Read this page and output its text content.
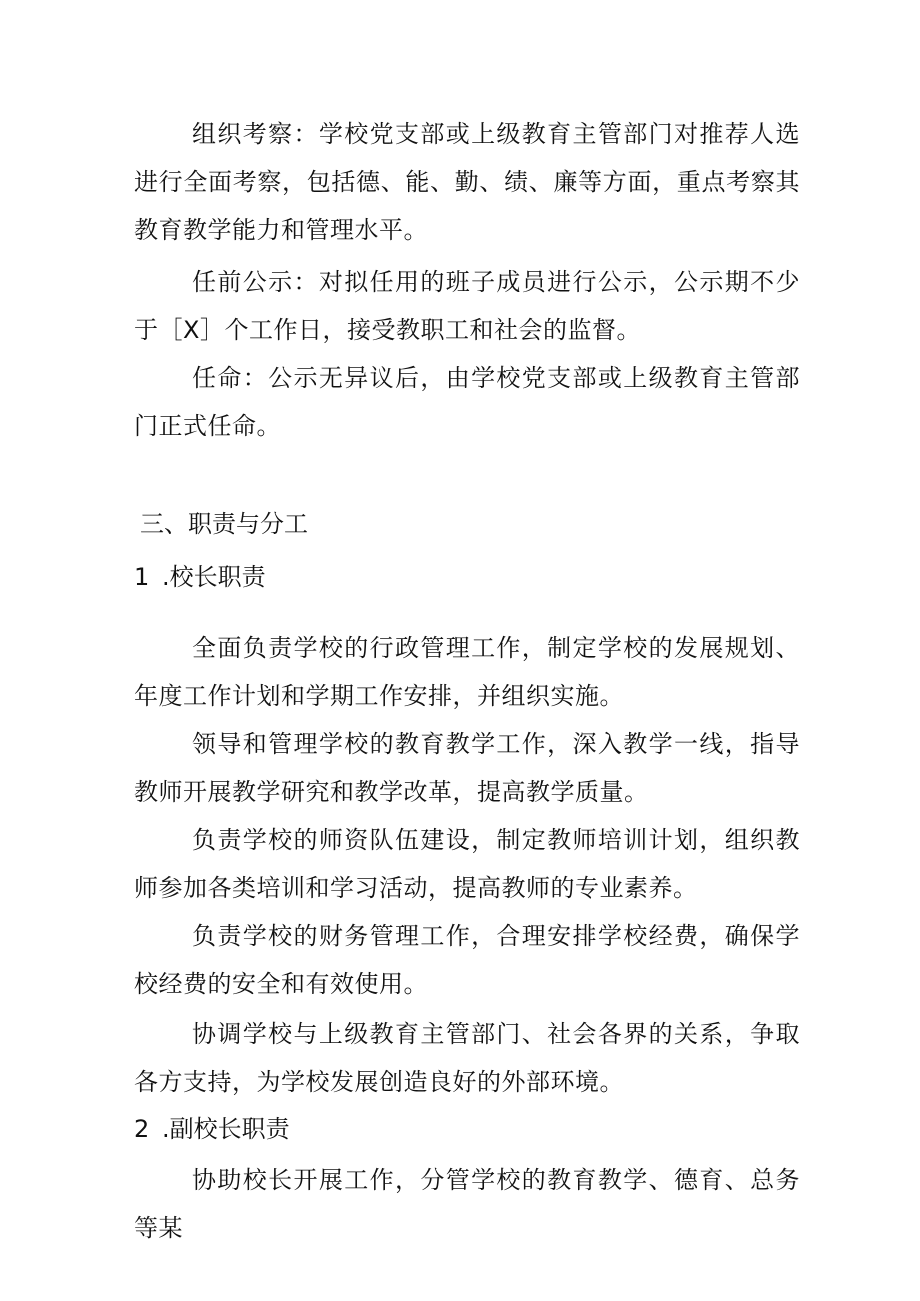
组织考察：学校党支部或上级教育主管部门对推荐人选进行全面考察，包括德、能、勤、绩、廉等方面，重点考察其教育教学能力和管理水平。

任前公示：对拟任用的班子成员进行公示，公示期不少于［X］个工作日，接受教职工和社会的监督。

任命：公示无异议后，由学校党支部或上级教育主管部门正式任命。

三、职责与分工

1 .校长职责

全面负责学校的行政管理工作，制定学校的发展规划、年度工作计划和学期工作安排，并组织实施。

领导和管理学校的教育教学工作，深入教学一线，指导教师开展教学研究和教学改革，提高教学质量。

负责学校的师资队伍建设，制定教师培训计划，组织教师参加各类培训和学习活动，提高教师的专业素养。

负责学校的财务管理工作，合理安排学校经费，确保学校经费的安全和有效使用。

协调学校与上级教育主管部门、社会各界的关系，争取各方支持，为学校发展创造良好的外部环境。

2 .副校长职责

协助校长开展工作，分管学校的教育教学、德育、总务等某
